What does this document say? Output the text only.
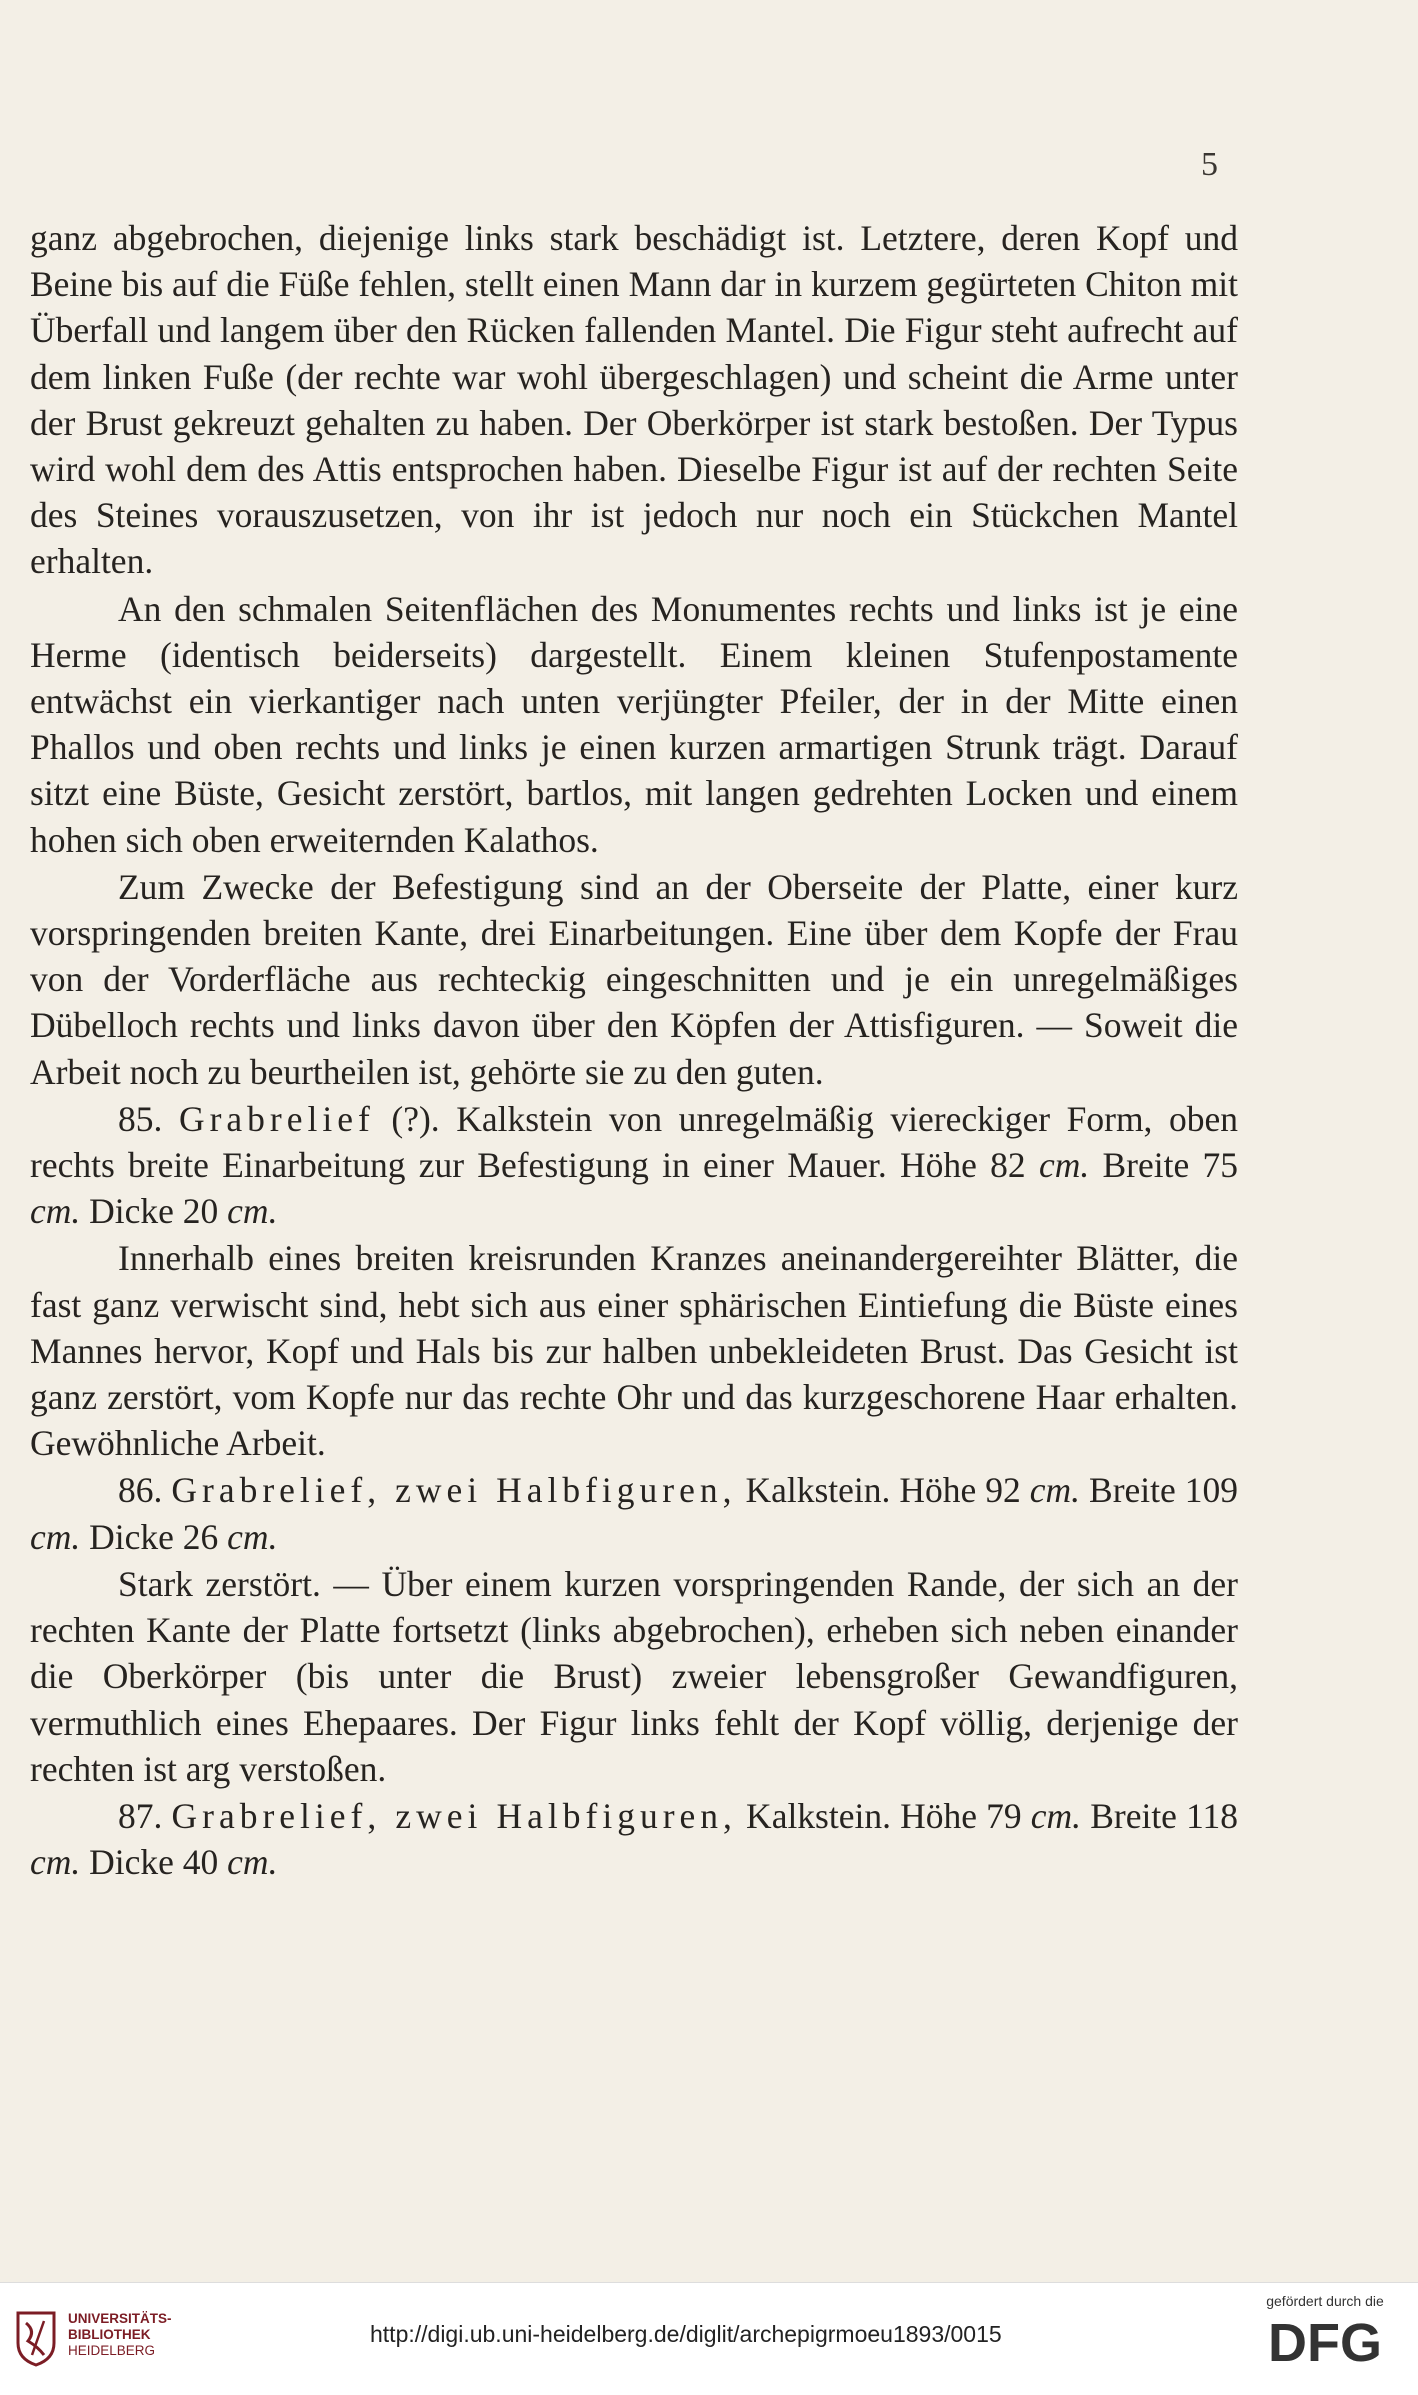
5

ganz abgebrochen, diejenige links stark beschädigt ist. Letztere, deren Kopf und Beine bis auf die Füße fehlen, stellt einen Mann dar in kurzem gegürteten Chiton mit Überfall und langem über den Rücken fallenden Mantel. Die Figur steht aufrecht auf dem linken Fuße (der rechte war wohl übergeschlagen) und scheint die Arme unter der Brust gekreuzt gehalten zu haben. Der Oberkörper ist stark bestoßen. Der Typus wird wohl dem des Attis entsprochen haben. Dieselbe Figur ist auf der rechten Seite des Steines vorauszusetzen, von ihr ist jedoch nur noch ein Stückchen Mantel erhalten.

An den schmalen Seitenflächen des Monumentes rechts und links ist je eine Herme (identisch beiderseits) dargestellt. Einem kleinen Stufenpostamente entwächst ein vierkantiger nach unten verjüngter Pfeiler, der in der Mitte einen Phallos und oben rechts und links je einen kurzen armartigen Strunk trägt. Darauf sitzt eine Büste, Gesicht zerstört, bartlos, mit langen gedrehten Locken und einem hohen sich oben erweiternden Kalathos.

Zum Zwecke der Befestigung sind an der Oberseite der Platte, einer kurz vorspringenden breiten Kante, drei Einarbeitungen. Eine über dem Kopfe der Frau von der Vorderfläche aus rechteckig eingeschnitten und je ein unregelmäßiges Dübelloch rechts und links davon über den Köpfen der Attisfiguren. — Soweit die Arbeit noch zu beurtheilen ist, gehörte sie zu den guten.

85. Grabrelief (?). Kalkstein von unregelmäßig viereckiger Form, oben rechts breite Einarbeitung zur Befestigung in einer Mauer. Höhe 82 cm. Breite 75 cm. Dicke 20 cm.

Innerhalb eines breiten kreisrunden Kranzes aneinandergereihter Blätter, die fast ganz verwischt sind, hebt sich aus einer sphärischen Eintiefung die Büste eines Mannes hervor, Kopf und Hals bis zur halben unbekleideten Brust. Das Gesicht ist ganz zerstört, vom Kopfe nur das rechte Ohr und das kurzgeschorene Haar erhalten. Gewöhnliche Arbeit.

86. Grabrelief, zwei Halbfiguren, Kalkstein. Höhe 92 cm. Breite 109 cm. Dicke 26 cm.

Stark zerstört. — Über einem kurzen vorspringenden Rande, der sich an der rechten Kante der Platte fortsetzt (links abgebrochen), erheben sich neben einander die Oberkörper (bis unter die Brust) zweier lebensgroßer Gewandfiguren, vermuthlich eines Ehepaares. Der Figur links fehlt der Kopf völlig, derjenige der rechten ist arg verstoßen.

87. Grabrelief, zwei Halbfiguren, Kalkstein. Höhe 79 cm. Breite 118 cm. Dicke 40 cm.

UNIVERSITÄTS-
BIBLIOTHEK
HEIDELBERG
http://digi.ub.uni-heidelberg.de/diglit/archepigrmoeu1893/0015
gefördert durch die
DFG
